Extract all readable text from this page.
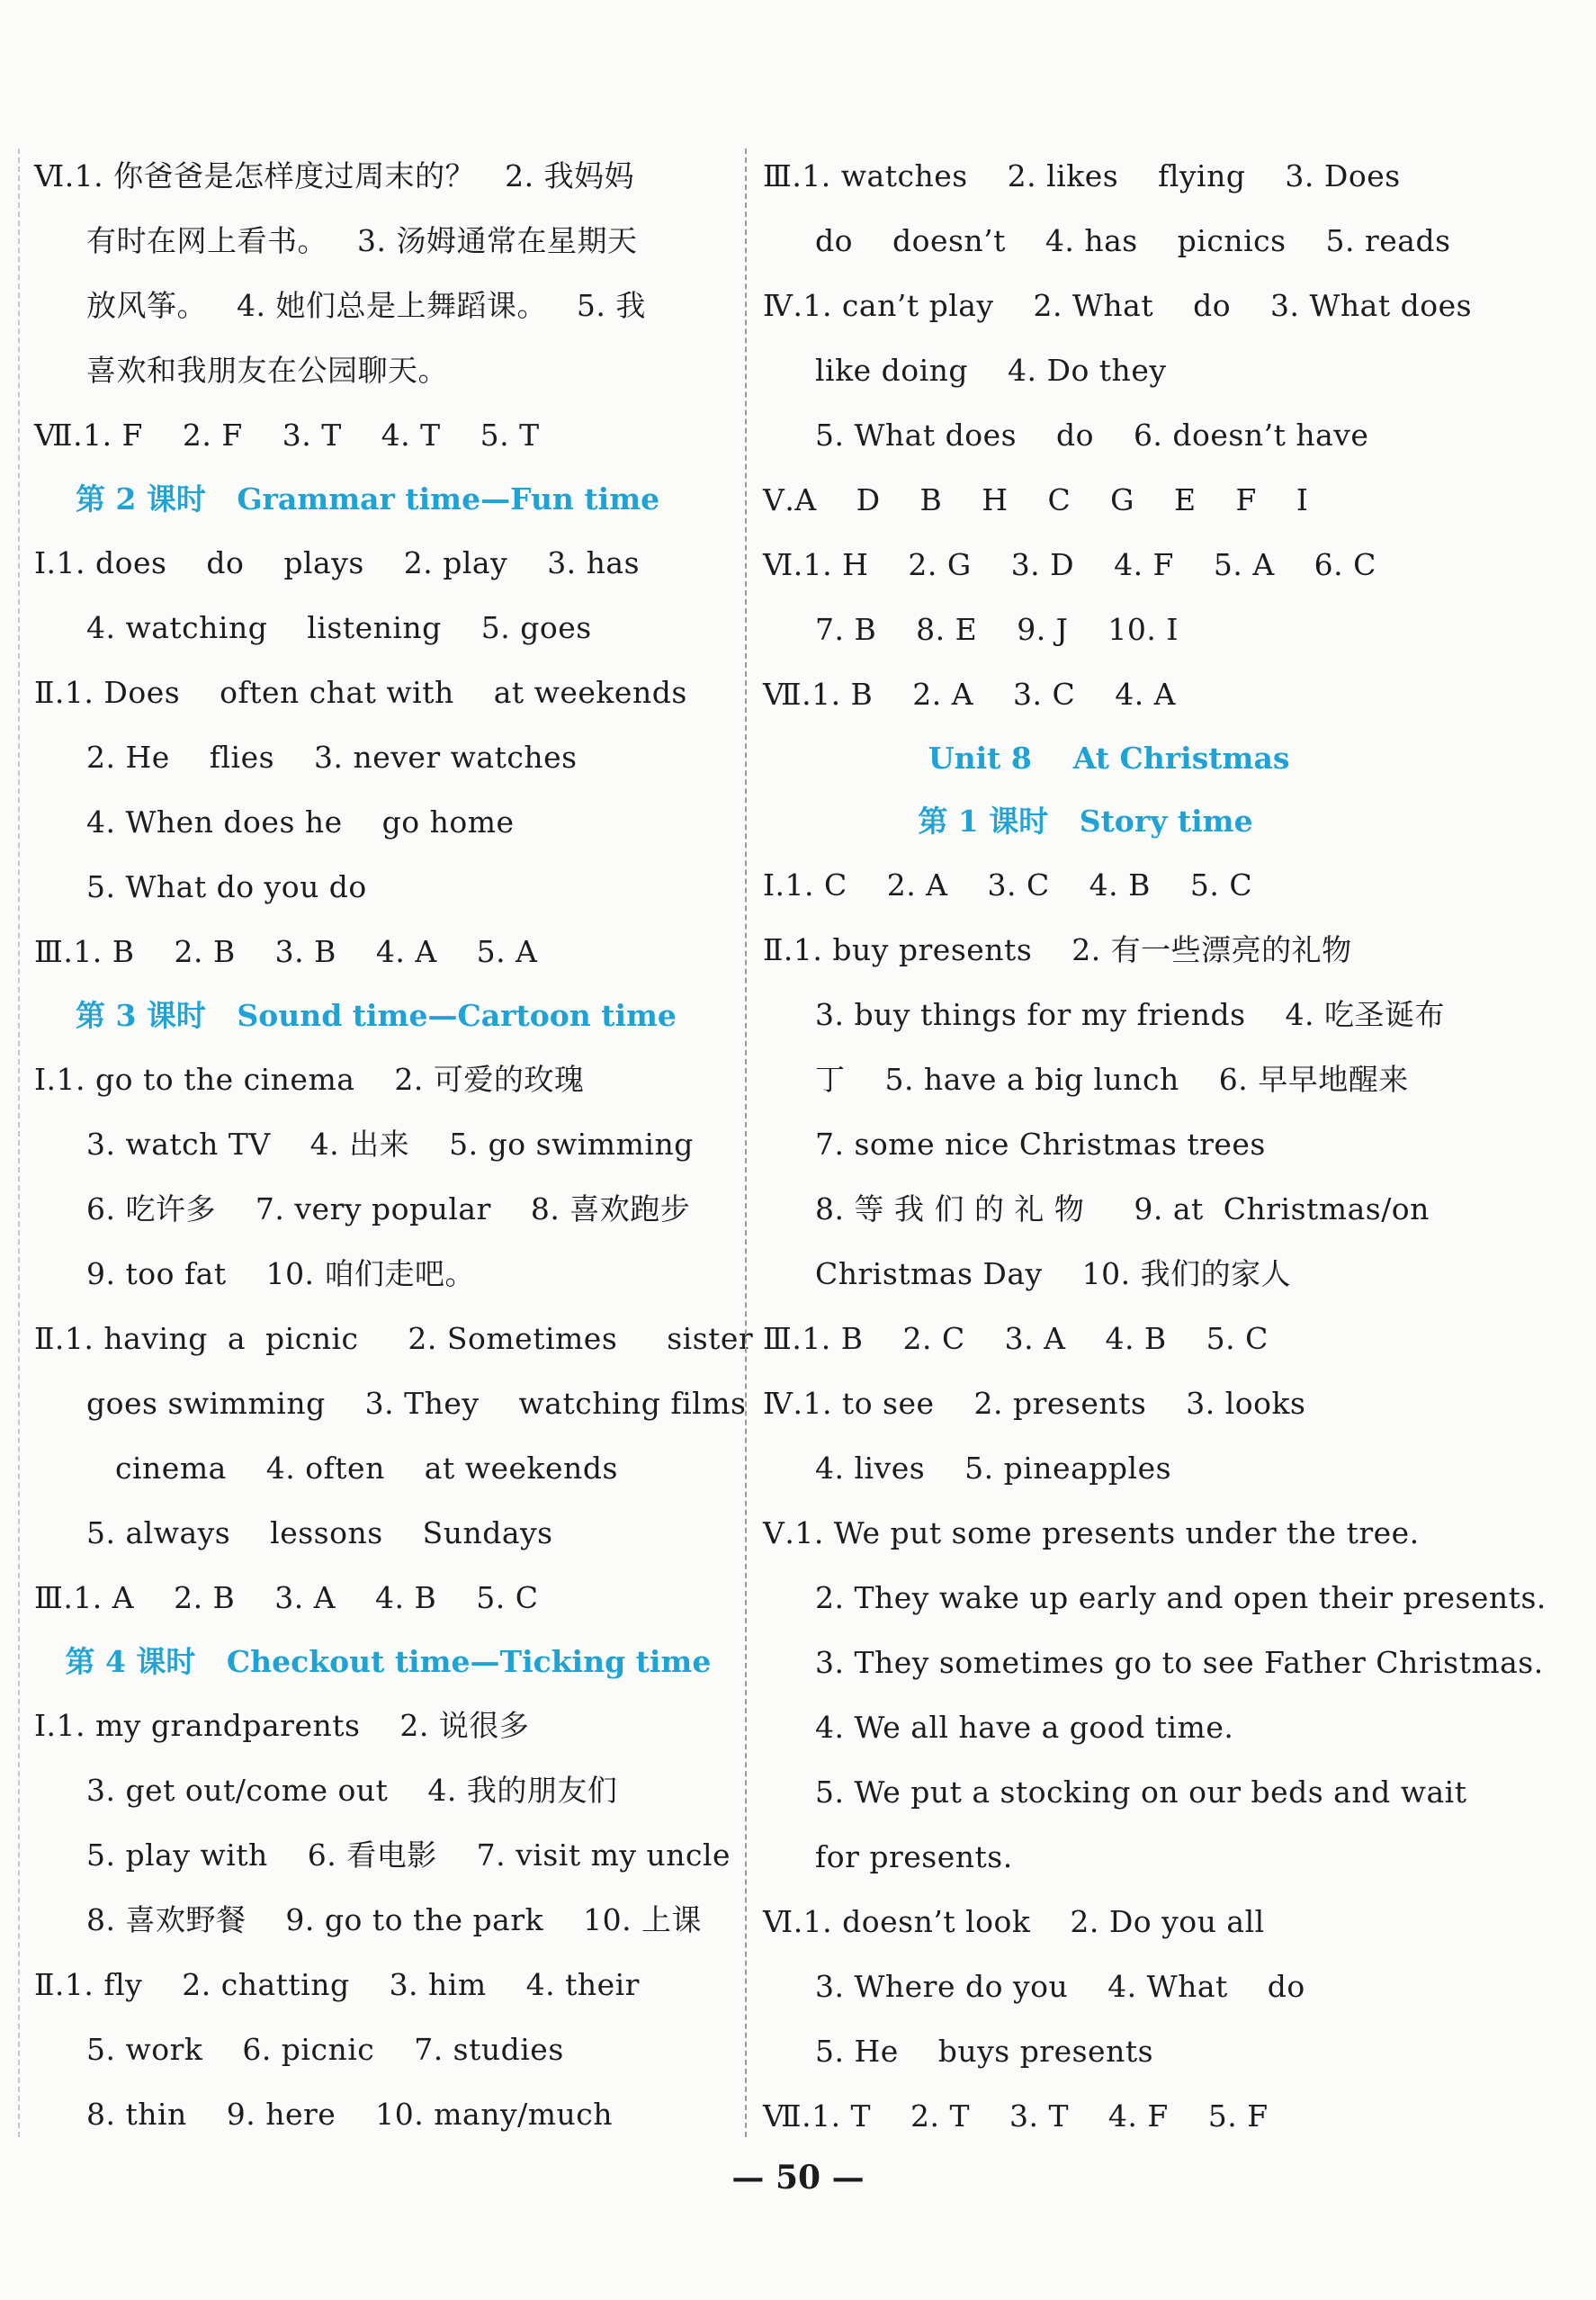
Ⅵ.1. 你爸爸是怎样度过周末的？   2. 我妈妈
有时在网上看书。   3. 汤姆通常在星期天
放风筝。   4. 她们总是上舞蹈课。   5. 我
喜欢和我朋友在公园聊天。
Ⅶ.1. F    2. F    3. T    4. T    5. T
第 2 课时   Grammar time—Fun time
Ⅰ.1. does    do    plays    2. play    3. has
4. watching    listening    5. goes
Ⅱ.1. Does    often chat with    at weekends
2. He    flies    3. never watches
4. When does he    go home
5. What do you do
Ⅲ.1. B    2. B    3. B    4. A    5. A
第 3 课时   Sound time—Cartoon time
Ⅰ.1. go to the cinema    2. 可爱的玫瑰
3. watch TV    4. 出来    5. go swimming
6. 吃许多    7. very popular    8. 喜欢跑步
9. too fat    10. 咱们走吧。
Ⅱ.1. having  a  picnic     2. Sometimes     sister
goes swimming    3. They    watching films
cinema    4. often    at weekends
5. always    lessons    Sundays
Ⅲ.1. A    2. B    3. A    4. B    5. C
第 4 课时   Checkout time—Ticking time
Ⅰ.1. my grandparents    2. 说很多
3. get out/come out    4. 我的朋友们
5. play with    6. 看电影    7. visit my uncle
8. 喜欢野餐    9. go to the park    10. 上课
Ⅱ.1. fly    2. chatting    3. him    4. their
5. work    6. picnic    7. studies
8. thin    9. here    10. many/much
Ⅲ.1. watches    2. likes    flying    3. Does
do    doesn’t    4. has    picnics    5. reads
Ⅳ.1. can’t play    2. What    do    3. What does
like doing    4. Do they
5. What does    do    6. doesn’t have
Ⅴ.A    D    B    H    C    G    E    F    I
Ⅵ.1. H    2. G    3. D    4. F    5. A    6. C
7. B    8. E    9. J    10. I
Ⅶ.1. B    2. A    3. C    4. A
Unit 8    At Christmas
第 1 课时   Story time
Ⅰ.1. C    2. A    3. C    4. B    5. C
Ⅱ.1. buy presents    2. 有一些漂亮的礼物
3. buy things for my friends    4. 吃圣诞布
丁    5. have a big lunch    6. 早早地醒来
7. some nice Christmas trees
8. 等 我 们 的 礼 物     9. at  Christmas/on
Christmas Day    10. 我们的家人
Ⅲ.1. B    2. C    3. A    4. B    5. C
Ⅳ.1. to see    2. presents    3. looks
4. lives    5. pineapples
Ⅴ.1. We put some presents under the tree.
2. They wake up early and open their presents.
3. They sometimes go to see Father Christmas.
4. We all have a good time.
5. We put a stocking on our beds and wait
for presents.
Ⅵ.1. doesn’t look    2. Do you all
3. Where do you    4. What    do
5. He    buys presents
Ⅶ.1. T    2. T    3. T    4. F    5. F
— 50 —
